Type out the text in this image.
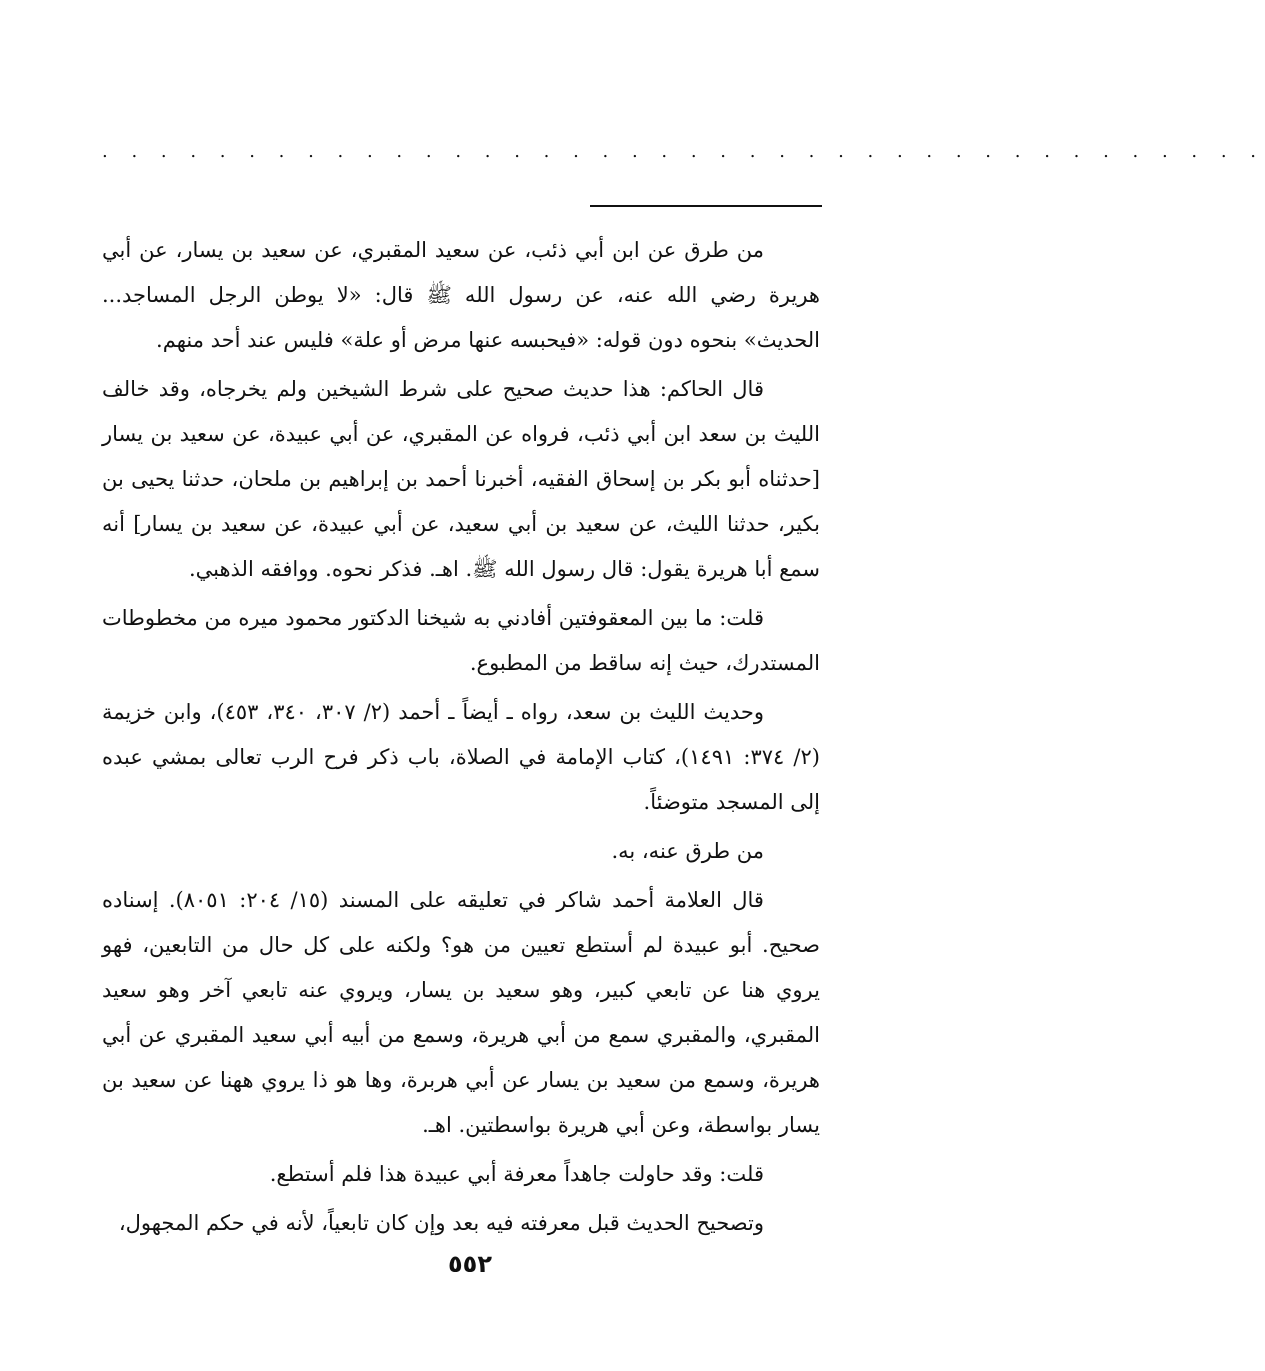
. . . . . . . . . . . . . . . . . . . . . . . . . . . . . . . . . . . . . . . .

من طرق عن ابن أبي ذئب، عن سعيد المقبري، عن سعيد بن يسار، عن أبي هريرة رضي الله عنه، عن رسول الله ﷺ قال: «لا يوطن الرجل المساجد... الحديث» بنحوه دون قوله: «فيحبسه عنها مرض أو علة» فليس عند أحد منهم.

قال الحاكم: هذا حديث صحيح على شرط الشيخين ولم يخرجاه، وقد خالف الليث بن سعد ابن أبي ذئب، فرواه عن المقبري، عن أبي عبيدة، عن سعيد بن يسار [حدثناه أبو بكر بن إسحاق الفقيه، أخبرنا أحمد بن إبراهيم بن ملحان، حدثنا يحيى بن بكير، حدثنا الليث، عن سعيد بن أبي سعيد، عن أبي عبيدة، عن سعيد بن يسار] أنه سمع أبا هريرة يقول: قال رسول الله ﷺ. اهـ. فذكر نحوه. ووافقه الذهبي.

قلت: ما بين المعقوفتين أفادني به شيخنا الدكتور محمود ميره من مخطوطات المستدرك، حيث إنه ساقط من المطبوع.

وحديث الليث بن سعد، رواه ـ أيضاً ـ أحمد (٢/ ٣٠٧، ٣٤٠، ٤٥٣)، وابن خزيمة (٢/ ٣٧٤: ١٤٩١)، كتاب الإمامة في الصلاة، باب ذكر فرح الرب تعالى بمشي عبده إلى المسجد متوضئاً.

من طرق عنه، به.

قال العلامة أحمد شاكر في تعليقه على المسند (١٥/ ٢٠٤: ٨٠٥١). إسناده صحيح. أبو عبيدة لم أستطع تعيين من هو؟ ولكنه على كل حال من التابعين، فهو يروي هنا عن تابعي كبير، وهو سعيد بن يسار، ويروي عنه تابعي آخر وهو سعيد المقبري، والمقبري سمع من أبي هريرة، وسمع من أبيه أبي سعيد المقبري عن أبي هريرة، وسمع من سعيد بن يسار عن أبي هربرة، وها هو ذا يروي ههنا عن سعيد بن يسار بواسطة، وعن أبي هريرة بواسطتين. اهـ.

قلت: وقد حاولت جاهداً معرفة أبي عبيدة هذا فلم أستطع.

وتصحيح الحديث قبل معرفته فيه بعد وإن كان تابعياً، لأنه في حكم المجهول،

٥٥٢
